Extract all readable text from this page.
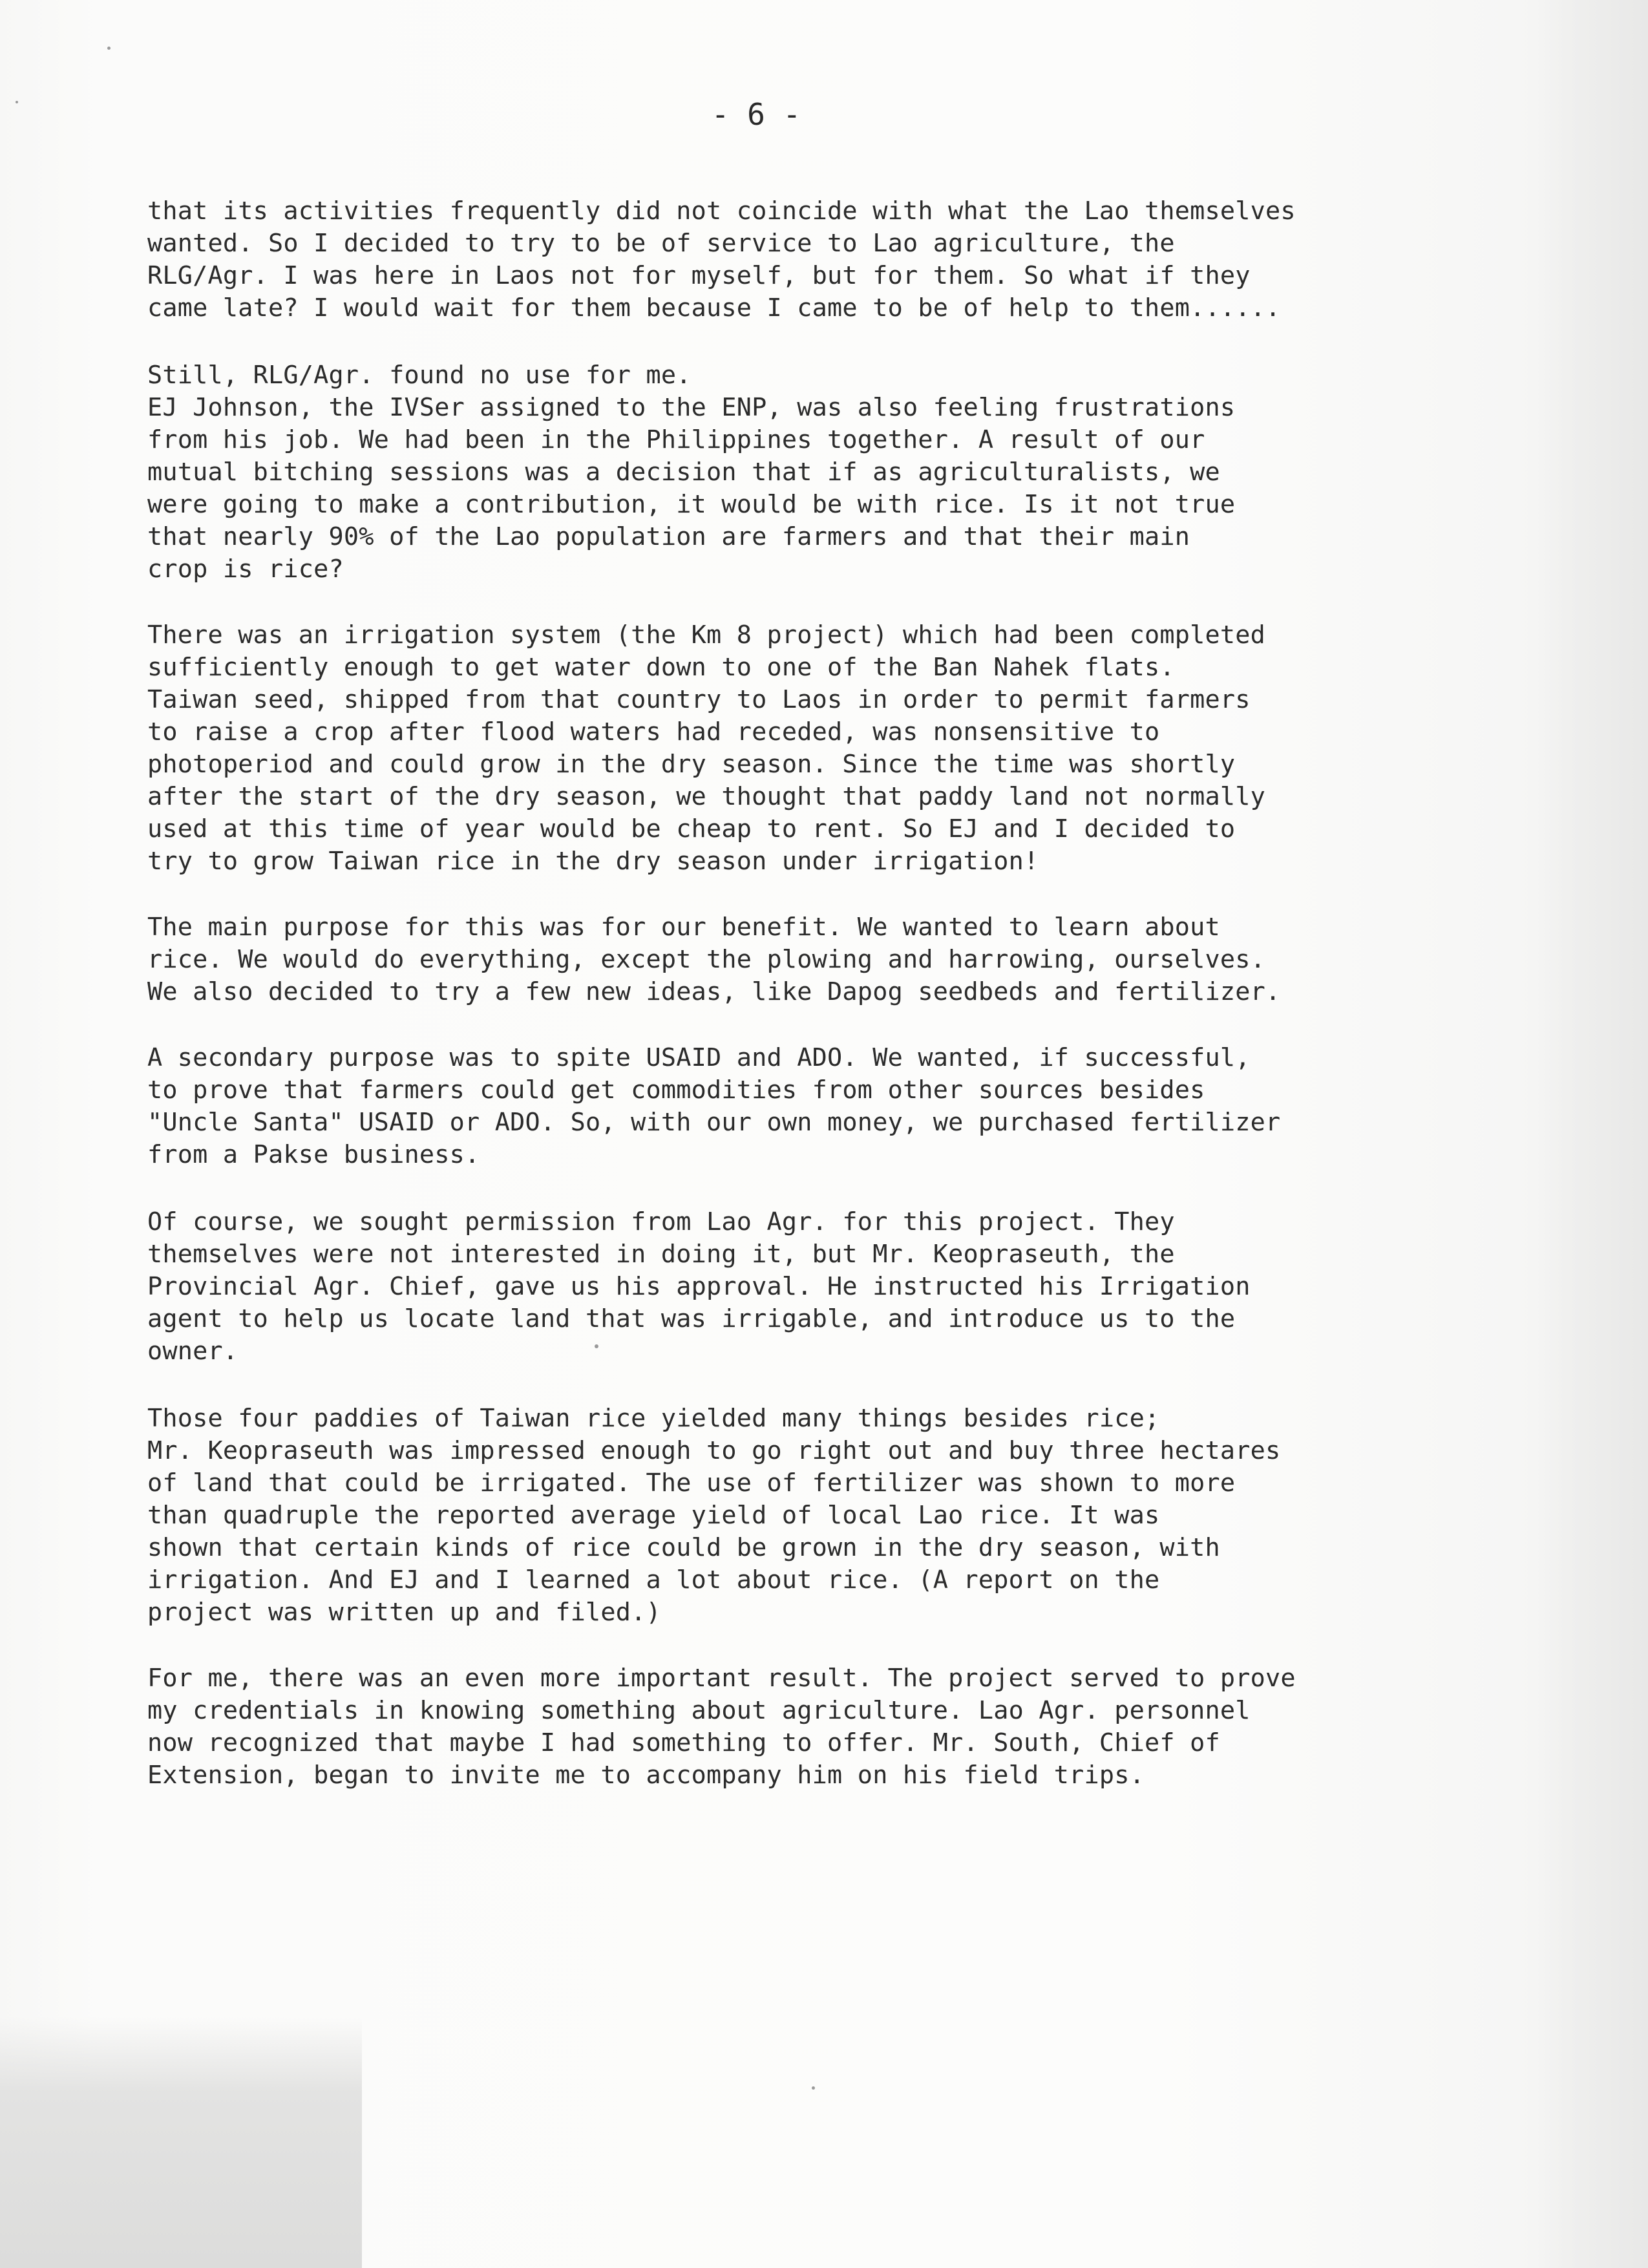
- 6 -
that its activities frequently did not coincide with what the Lao themselves
wanted. So I decided to try to be of service to Lao agriculture, the
RLG/Agr. I was here in Laos not for myself, but for them. So what if they
came late? I would wait for them because I came to be of help to them......
Still, RLG/Agr. found no use for me.
EJ Johnson, the IVSer assigned to the ENP, was also feeling frustrations
from his job. We had been in the Philippines together. A result of our
mutual bitching sessions was a decision that if as agriculturalists, we
were going to make a contribution, it would be with rice. Is it not true
that nearly 90% of the Lao population are farmers and that their main
crop is rice?
There was an irrigation system (the Km 8 project) which had been completed
sufficiently enough to get water down to one of the Ban Nahek flats.
Taiwan seed, shipped from that country to Laos in order to permit farmers
to raise a crop after flood waters had receded, was nonsensitive to
photoperiod and could grow in the dry season. Since the time was shortly
after the start of the dry season, we thought that paddy land not normally
used at this time of year would be cheap to rent. So EJ and I decided to
try to grow Taiwan rice in the dry season under irrigation!
The main purpose for this was for our benefit. We wanted to learn about
rice. We would do everything, except the plowing and harrowing, ourselves.
We also decided to try a few new ideas, like Dapog seedbeds and fertilizer.
A secondary purpose was to spite USAID and ADO. We wanted, if successful,
to prove that farmers could get commodities from other sources besides
"Uncle Santa" USAID or ADO. So, with our own money, we purchased fertilizer
from a Pakse business.
Of course, we sought permission from Lao Agr. for this project. They
themselves were not interested in doing it, but Mr. Keopraseuth, the
Provincial Agr. Chief, gave us his approval. He instructed his Irrigation
agent to help us locate land that was irrigable, and introduce us to the
owner.
Those four paddies of Taiwan rice yielded many things besides rice;
Mr. Keopraseuth was impressed enough to go right out and buy three hectares
of land that could be irrigated. The use of fertilizer was shown to more
than quadruple the reported average yield of local Lao rice. It was
shown that certain kinds of rice could be grown in the dry season, with
irrigation. And EJ and I learned a lot about rice. (A report on the
project was written up and filed.)
For me, there was an even more important result. The project served to prove
my credentials in knowing something about agriculture. Lao Agr. personnel
now recognized that maybe I had something to offer. Mr. South, Chief of
Extension, began to invite me to accompany him on his field trips.
